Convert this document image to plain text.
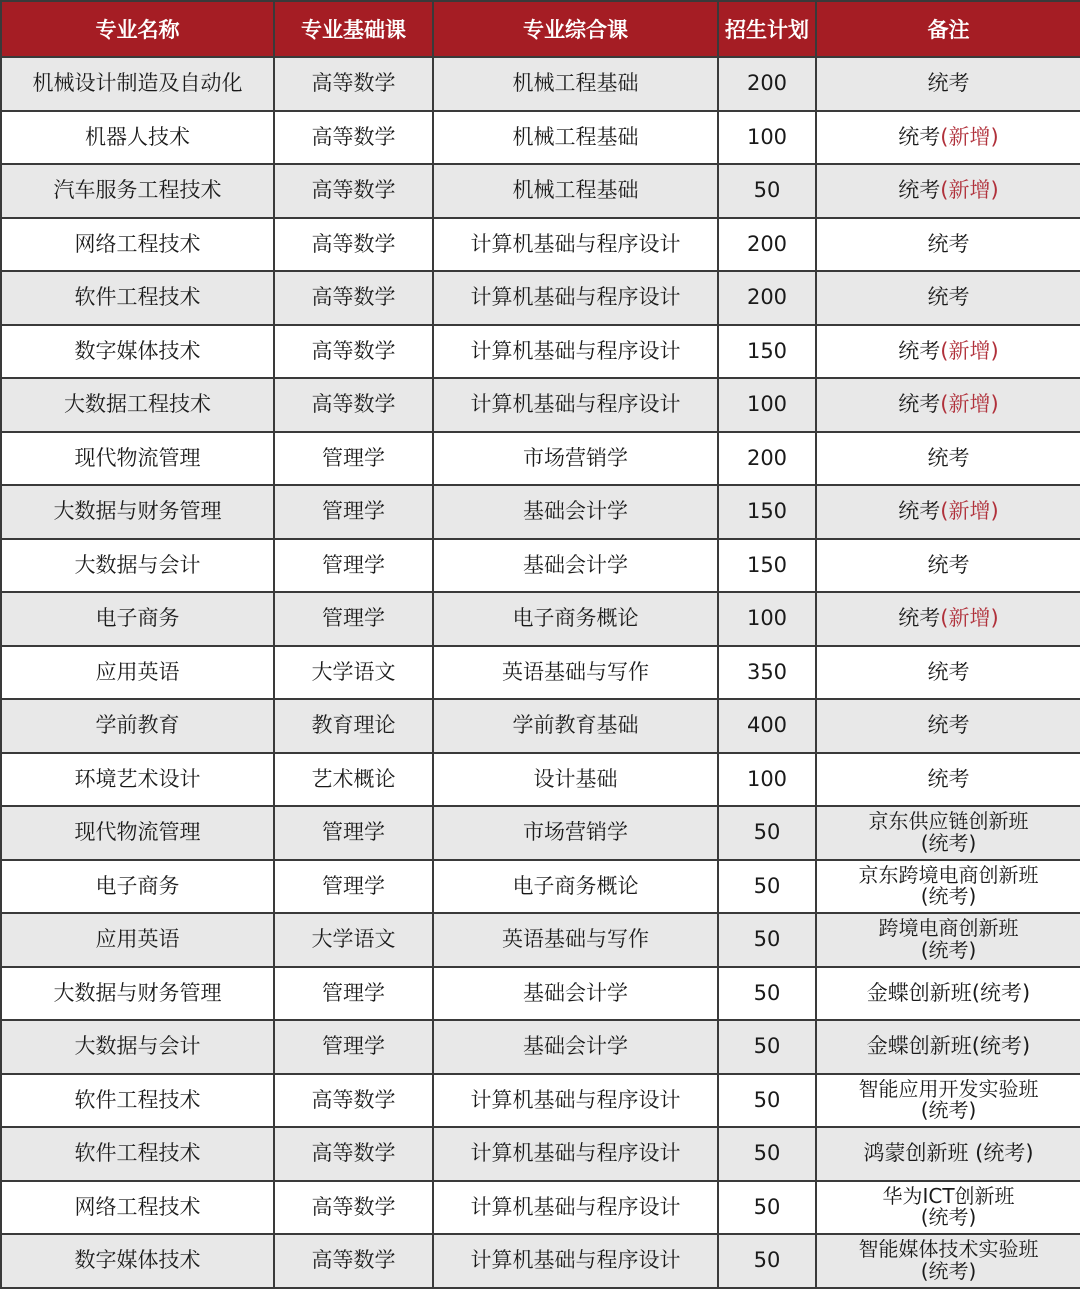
专业名称	专业基础课	专业综合课	招生计划	备注
机械设计制造及自动化	高等数学	机械工程基础	200	统考
机器人技术	高等数学	机械工程基础	100	统考(新增)
汽车服务工程技术	高等数学	机械工程基础	50	统考(新增)
网络工程技术	高等数学	计算机基础与程序设计	200	统考
软件工程技术	高等数学	计算机基础与程序设计	200	统考
数字媒体技术	高等数学	计算机基础与程序设计	150	统考(新增)
大数据工程技术	高等数学	计算机基础与程序设计	100	统考(新增)
现代物流管理	管理学	市场营销学	200	统考
大数据与财务管理	管理学	基础会计学	150	统考(新增)
大数据与会计	管理学	基础会计学	150	统考
电子商务	管理学	电子商务概论	100	统考(新增)
应用英语	大学语文	英语基础与写作	350	统考
学前教育	教育理论	学前教育基础	400	统考
环境艺术设计	艺术概论	设计基础	100	统考
现代物流管理	管理学	市场营销学	50	京东供应链创新班
(统考)
电子商务	管理学	电子商务概论	50	京东跨境电商创新班
(统考)
应用英语	大学语文	英语基础与写作	50	跨境电商创新班
(统考)
大数据与财务管理	管理学	基础会计学	50	金蝶创新班(统考)
大数据与会计	管理学	基础会计学	50	金蝶创新班(统考)
软件工程技术	高等数学	计算机基础与程序设计	50	智能应用开发实验班
(统考)
软件工程技术	高等数学	计算机基础与程序设计	50	鸿蒙创新班 (统考)
网络工程技术	高等数学	计算机基础与程序设计	50	华为ICT创新班
(统考)
数字媒体技术	高等数学	计算机基础与程序设计	50	智能媒体技术实验班
(统考)
